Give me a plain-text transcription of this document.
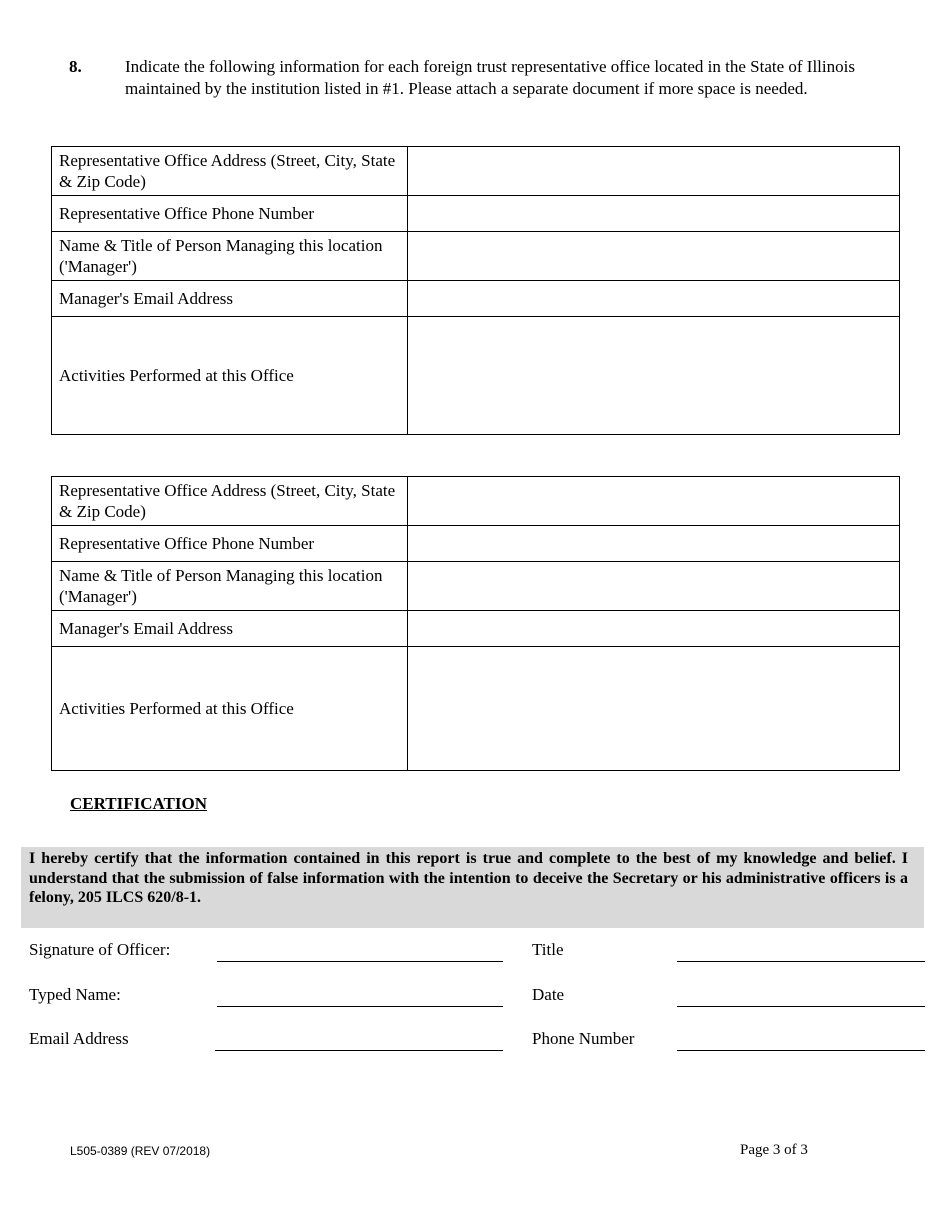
8.	Indicate the following information for each foreign trust representative office located in the State of Illinois maintained by the institution listed in #1. Please attach a separate document if more space is needed.
Representative Office Address (Street, City, State & Zip Code)	
Representative Office Phone Number	
Name & Title of Person Managing this location ('Manager')	
Manager's Email Address	
Activities Performed at this Office	
Representative Office Address (Street, City, State & Zip Code)	
Representative Office Phone Number	
Name & Title of Person Managing this location ('Manager')	
Manager's Email Address	
Activities Performed at this Office	
CERTIFICATION
I hereby certify that the information contained in this report is true and complete to the best of my knowledge and belief. I understand that the submission of false information with the intention to deceive the Secretary or his administrative officers is a felony, 205 ILCS 620/8-1.
Signature of Officer:	Title
Typed Name:	Date
Email Address	Phone Number
L505-0389 (REV 07/2018)	Page 3 of 3
